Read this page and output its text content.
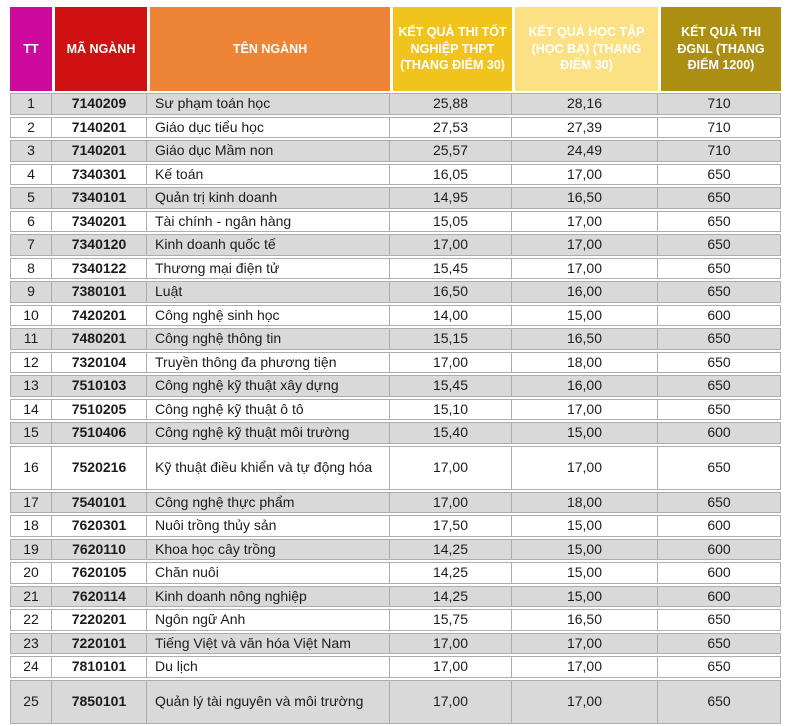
TT	MÃ NGÀNH	TÊN NGÀNH	KẾT QUẢ THI TỐT NGHIỆP THPT (THANG ĐIỂM 30)	KẾT QUẢ HỌC TẬP (HỌC BẠ) (THANG ĐIỂM 30)	KẾT QUẢ THI ĐGNL (THANG ĐIỂM 1200)
1	7140209	Sư phạm toán học	25,88	28,16	710
2	7140201	Giáo dục tiểu học	27,53	27,39	710
3	7140201	Giáo dục Mầm non	25,57	24,49	710
4	7340301	Kế toán	16,05	17,00	650
5	7340101	Quản trị kinh doanh	14,95	16,50	650
6	7340201	Tài chính - ngân hàng	15,05	17,00	650
7	7340120	Kinh doanh quốc tế	17,00	17,00	650
8	7340122	Thương mại điện tử	15,45	17,00	650
9	7380101	Luật	16,50	16,00	650
10	7420201	Công nghệ sinh học	14,00	15,00	600
11	7480201	Công nghệ thông tin	15,15	16,50	650
12	7320104	Truyền thông đa phương tiện	17,00	18,00	650
13	7510103	Công nghệ kỹ thuật xây dựng	15,45	16,00	650
14	7510205	Công nghệ kỹ thuật ô tô	15,10	17,00	650
15	7510406	Công nghệ kỹ thuật môi trường	15,40	15,00	600
16	7520216	Kỹ thuật điều khiển và tự động hóa	17,00	17,00	650
17	7540101	Công nghệ thực phẩm	17,00	18,00	650
18	7620301	Nuôi trồng thủy sản	17,50	15,00	600
19	7620110	Khoa học cây trồng	14,25	15,00	600
20	7620105	Chăn nuôi	14,25	15,00	600
21	7620114	Kinh doanh nông nghiệp	14,25	15,00	600
22	7220201	Ngôn ngữ Anh	15,75	16,50	650
23	7220101	Tiếng Việt và văn hóa Việt Nam	17,00	17,00	650
24	7810101	Du lịch	17,00	17,00	650
25	7850101	Quản lý tài nguyên và môi trường	17,00	17,00	650
